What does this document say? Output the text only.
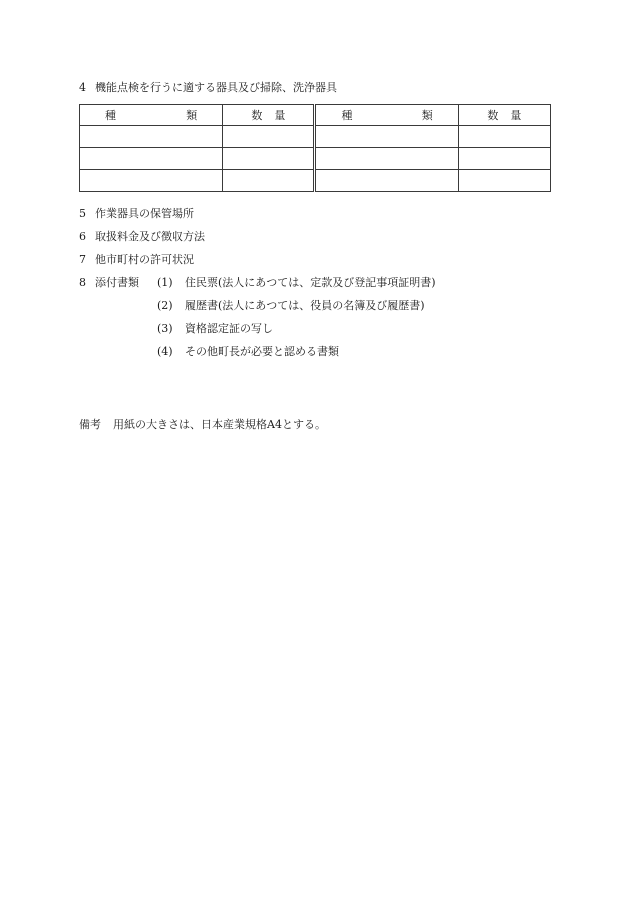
4 機能点検を行うに適する器具及び掃除、洗浄器具
種 類	数 量	種 類	数 量

5 作業器具の保管場所
6 取扱料金及び徴収方法
7 他市町村の許可状況
8 添付書類 (1) 住民票(法人にあつては、定款及び登記事項証明書)
(2) 履歴書(法人にあつては、役員の名簿及び履歴書)
(3) 資格認定証の写し
(4) その他町長が必要と認める書類
備考 用紙の大きさは、日本産業規格A4とする。
